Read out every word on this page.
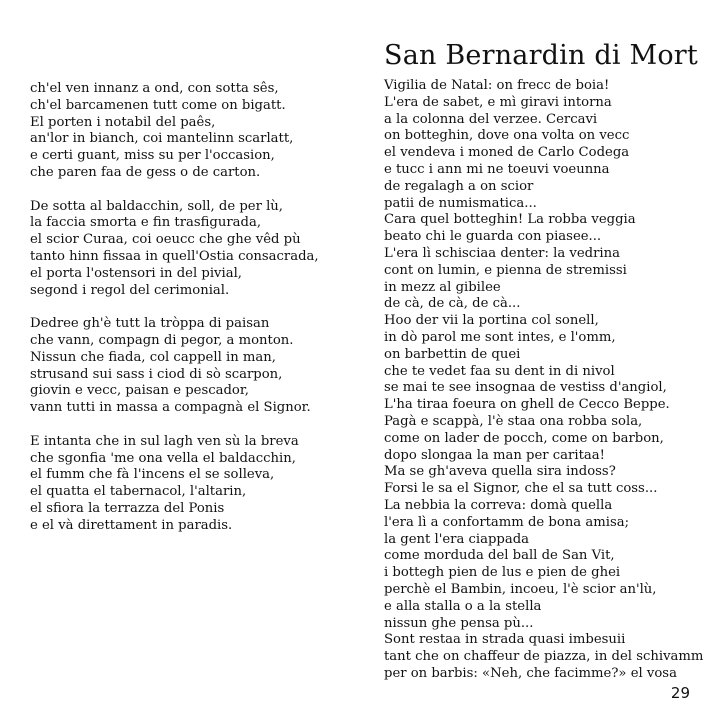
San Bernardin di Mort
ch'el ven innanz a ond, con sotta sês,
ch'el barcamenen tutt come on bigatt.
El porten i notabil del paês,
an'lor in bianch, coi mantelinn scarlatt,
e certi guant, miss su per l'occasion,
che paren faa de gess o de carton.
De sotta al baldacchin, soll, de per lù,
la faccia smorta e fin trasfigurada,
el scior Curaa, coi oeucc che ghe vêd pù
tanto hinn fissaa in quell'Ostia consacrada,
el porta l'ostensori in del pivial,
segond i regol del cerimonial.
Dedree gh'è tutt la tròppa di paisan
che vann, compagn di pegor, a monton.
Nissun che fiada, col cappell in man,
strusand sui sass i ciod di sò scarpon,
giovin e vecc, paisan e pescador,
vann tutti in massa a compagnà el Signor.
E intanta che in sul lagh ven sù la breva
che sgonfia 'me ona vella el baldacchin,
el fumm che fà l'incens el se solleva,
el quatta el tabernacol, l'altarin,
el sfiora la terrazza del Ponis
e el và direttament in paradis.
Vigilia de Natal: on frecc de boia!
L'era de sabet, e mì giravi intorna
a la colonna del verzee. Cercavi
on botteghin, dove ona volta on vecc
el vendeva i moned de Carlo Codega
e tucc i ann mi ne toeuvi voeunna
de regalagh a on scior
patii de numismatica...
Cara quel botteghin! La robba veggia
beato chi le guarda con piasee...
L'era lì schisciaa denter: la vedrina
cont on lumin, e pienna de stremissi
in mezz al gibilee
de cà, de cà, de cà...
Hoo der vii la portina col sonell,
in dò parol me sont intes, e l'omm,
on barbettin de quei
che te vedet faa su dent in di nivol
se mai te see insognaa de vestiss d'angiol,
L'ha tiraa foeura on ghell de Cecco Beppe.
Pagà e scappà, l'è staa ona robba sola,
come on lader de pocch, come on barbon,
dopo slongaa la man per caritaa!
Ma se gh'aveva quella sira indoss?
Forsi le sa el Signor, che el sa tutt coss...
La nebbia la correva: domà quella
l'era lì a confortamm de bona amisa;
la gent l'era ciappada
come morduda del ball de San Vit,
i bottegh pien de lus e pien de ghei
perchè el Bambin, incoeu, l'è scior an'lù,
e alla stalla o a la stella
nissun ghe pensa pù...
Sont restaa in strada quasi imbesuii
tant che on chaffeur de piazza, in del schivamm
per on barbis: «Neh, che facimme?» el vosa
29
